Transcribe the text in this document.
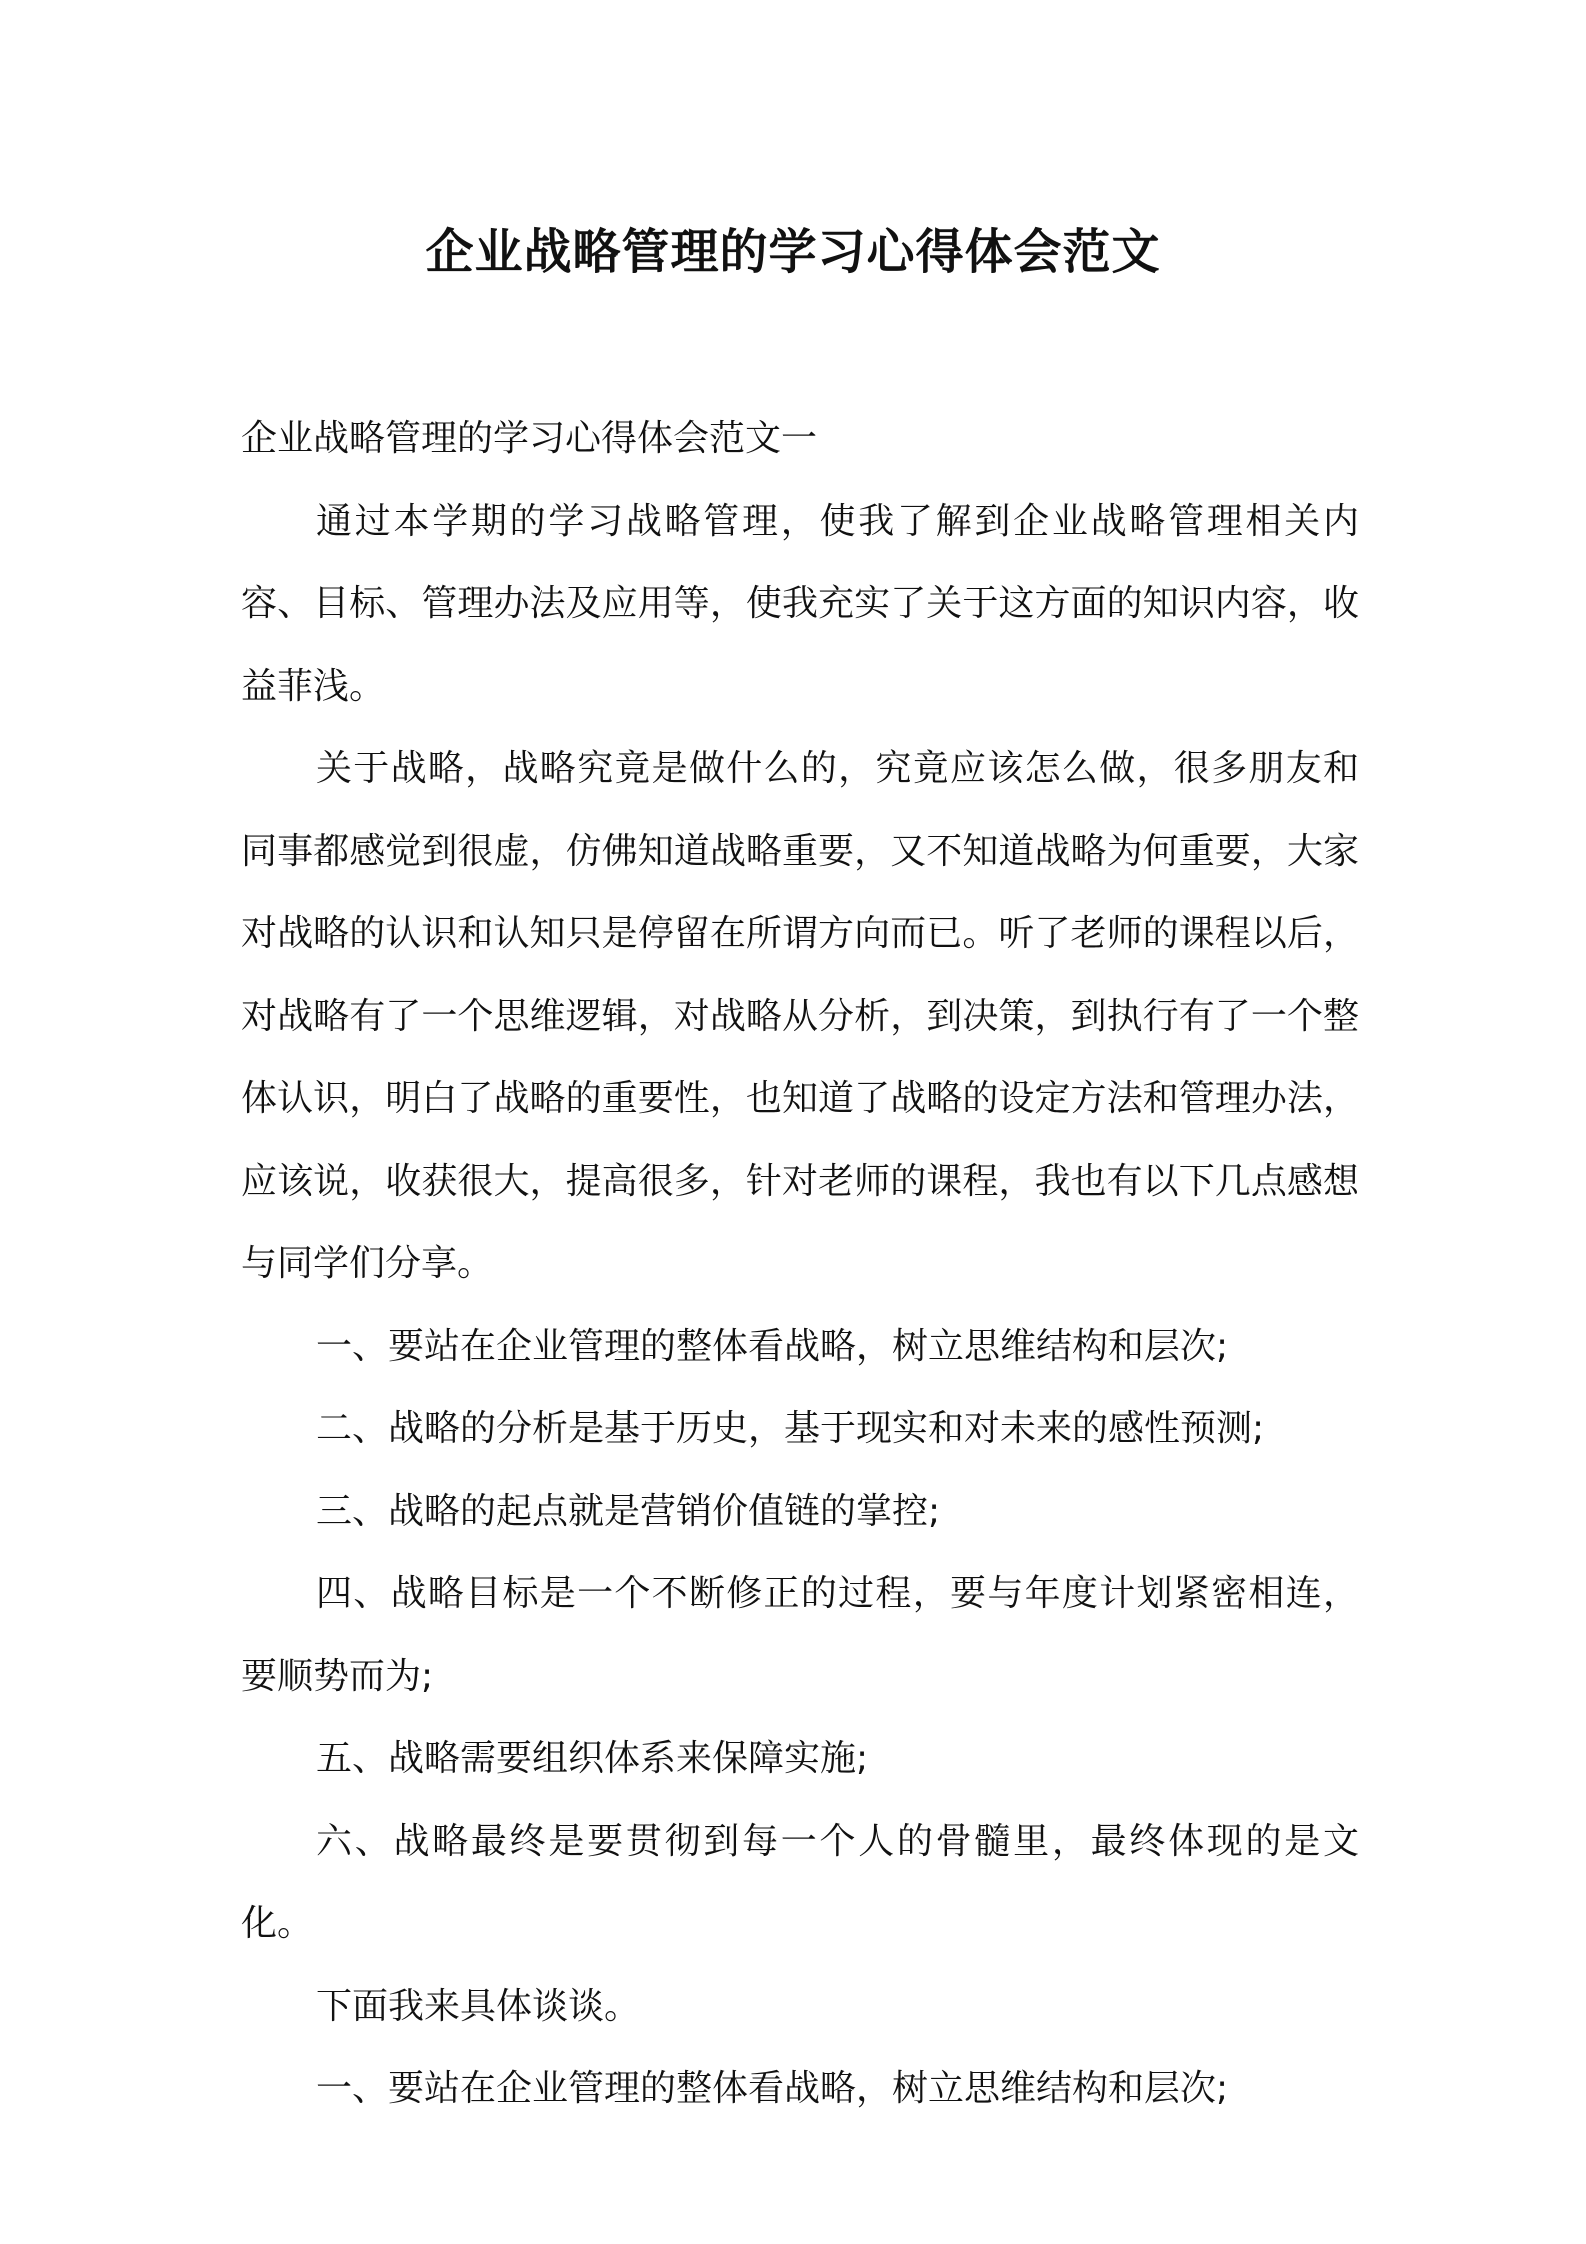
企业战略管理的学习心得体会范文

企业战略管理的学习心得体会范文一

通过本学期的学习战略管理，使我了解到企业战略管理相关内容、目标、管理办法及应用等，使我充实了关于这方面的知识内容，收益菲浅。

关于战略，战略究竟是做什么的，究竟应该怎么做，很多朋友和同事都感觉到很虚，仿佛知道战略重要，又不知道战略为何重要，大家对战略的认识和认知只是停留在所谓方向而已。听了老师的课程以后，对战略有了一个思维逻辑，对战略从分析，到决策，到执行有了一个整体认识，明白了战略的重要性，也知道了战略的设定方法和管理办法，应该说，收获很大，提高很多，针对老师的课程，我也有以下几点感想与同学们分享。

一、要站在企业管理的整体看战略，树立思维结构和层次;

二、战略的分析是基于历史，基于现实和对未来的感性预测;

三、战略的起点就是营销价值链的掌控;

四、战略目标是一个不断修正的过程，要与年度计划紧密相连，要顺势而为;

五、战略需要组织体系来保障实施;

六、战略最终是要贯彻到每一个人的骨髓里，最终体现的是文化。

下面我来具体谈谈。

一、要站在企业管理的整体看战略，树立思维结构和层次;
